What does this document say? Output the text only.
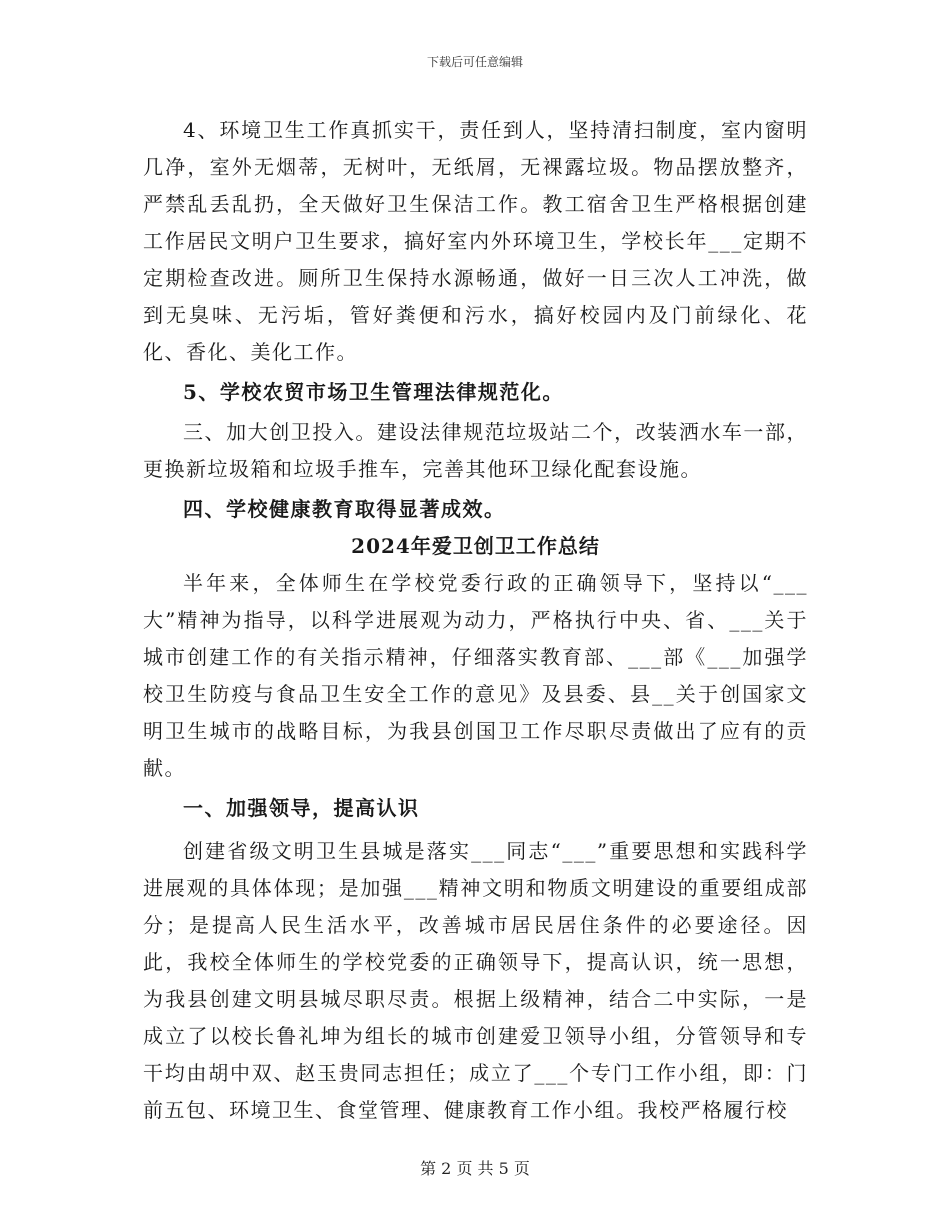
下载后可任意编辑

4、环境卫生工作真抓实干，责任到人，坚持清扫制度，室内窗明几净，室外无烟蒂，无树叶，无纸屑，无裸露垃圾。物品摆放整齐，严禁乱丢乱扔，全天做好卫生保洁工作。教工宿舍卫生严格根据创建工作居民文明户卫生要求，搞好室内外环境卫生，学校长年___定期不定期检查改进。厕所卫生保持水源畅通，做好一日三次人工冲洗，做到无臭味、无污垢，管好粪便和污水，搞好校园内及门前绿化、花化、香化、美化工作。

5、学校农贸市场卫生管理法律规范化。

三、加大创卫投入。建设法律规范垃圾站二个，改装洒水车一部，更换新垃圾箱和垃圾手推车，完善其他环卫绿化配套设施。

四、学校健康教育取得显著成效。

2024年爱卫创卫工作总结

半年来，全体师生在学校党委行政的正确领导下，坚持以“___大”精神为指导，以科学进展观为动力，严格执行中央、省、___关于城市创建工作的有关指示精神，仔细落实教育部、___部《___加强学校卫生防疫与食品卫生安全工作的意见》及县委、县__关于创国家文明卫生城市的战略目标，为我县创国卫工作尽职尽责做出了应有的贡献。

一、加强领导，提高认识

创建省级文明卫生县城是落实___同志“___”重要思想和实践科学进展观的具体体现；是加强___精神文明和物质文明建设的重要组成部分；是提高人民生活水平，改善城市居民居住条件的必要途径。因此，我校全体师生的学校党委的正确领导下，提高认识，统一思想，为我县创建文明县城尽职尽责。根据上级精神，结合二中实际，一是成立了以校长鲁礼坤为组长的城市创建爱卫领导小组，分管领导和专干均由胡中双、赵玉贵同志担任；成立了___个专门工作小组，即：门前五包、环境卫生、食堂管理、健康教育工作小组。我校严格履行校

第 2 页 共 5 页
